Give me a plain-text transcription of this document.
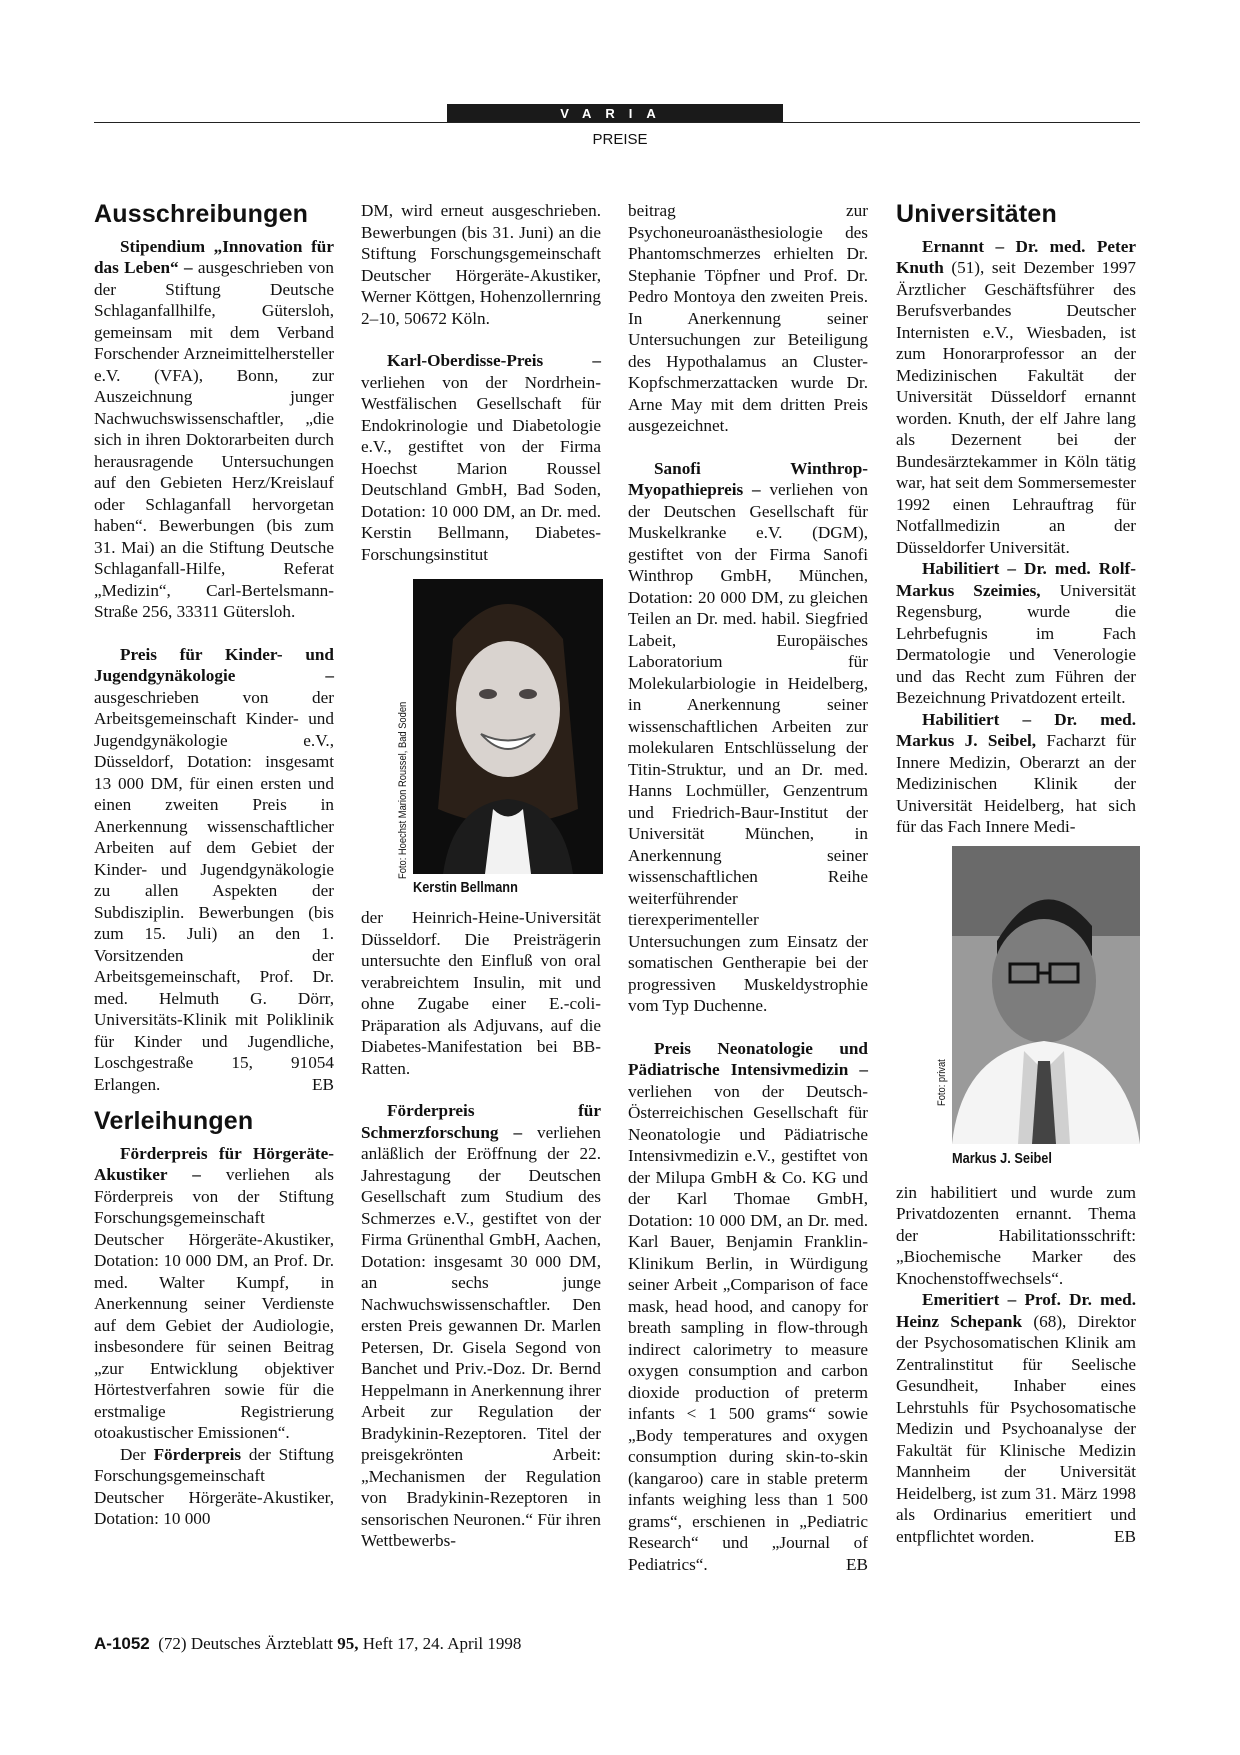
VARIA
PREISE
Ausschreibungen

Stipendium „Innovation für das Leben“ – ausgeschrieben von der Stiftung Deutsche Schlaganfallhilfe, Gütersloh, gemeinsam mit dem Verband Forschender Arzneimittelhersteller e.V. (VFA), Bonn, zur Auszeichnung junger Nachwuchswissenschaftler, „die sich in ihren Doktorarbeiten durch herausragende Untersuchungen auf den Gebieten Herz/Kreislauf oder Schlaganfall hervorgetan haben“. Bewerbungen (bis zum 31. Mai) an die Stiftung Deutsche Schlaganfall-Hilfe, Referat „Medizin“, Carl-Bertelsmann-Straße 256, 33311 Gütersloh.

Preis für Kinder- und Jugendgynäkologie – ausgeschrieben von der Arbeitsgemeinschaft Kinder- und Jugendgynäkologie e.V., Düsseldorf, Dotation: insgesamt 13 000 DM, für einen ersten und einen zweiten Preis in Anerkennung wissenschaftlicher Arbeiten auf dem Gebiet der Kinder- und Jugendgynäkologie zu allen Aspekten der Subdisziplin. Bewerbungen (bis zum 15. Juli) an den 1. Vorsitzenden der Arbeitsgemeinschaft, Prof. Dr. med. Helmuth G. Dörr, Universitäts-Klinik mit Poliklinik für Kinder und Jugendliche, Loschgestraße 15, 91054 Erlangen.	EB

Verleihungen

Förderpreis für Hörgeräte-Akustiker – verliehen als Förderpreis von der Stiftung Forschungsgemeinschaft Deutscher Hörgeräte-Akustiker, Dotation: 10 000 DM, an Prof. Dr. med. Walter Kumpf, in Anerkennung seiner Verdienste auf dem Gebiet der Audiologie, insbesondere für seinen Beitrag „zur Entwicklung objektiver Hörtestverfahren sowie für die erstmalige Registrierung otoakustischer Emissionen“.

Der Förderpreis der Stiftung Forschungsgemeinschaft Deutscher Hörgeräte-Akustiker, Dotation: 10 000

DM, wird erneut ausgeschrieben. Bewerbungen (bis 31. Juni) an die Stiftung Forschungsgemeinschaft Deutscher Hörgeräte-Akustiker, Werner Köttgen, Hohenzollernring 2–10, 50672 Köln.

Karl-Oberdisse-Preis – verliehen von der Nordrhein-Westfälischen Gesellschaft für Endokrinologie und Diabetologie e.V., gestiftet von der Firma Hoechst Marion Roussel Deutschland GmbH, Bad Soden, Dotation: 10 000 DM, an Dr. med. Kerstin Bellmann, Diabetes-Forschungsinstitut

Foto: Hoechst Marion Roussel, Bad Soden
Kerstin Bellmann

der Heinrich-Heine-Universität Düsseldorf. Die Preisträgerin untersuchte den Einfluß von oral verabreichtem Insulin, mit und ohne Zugabe einer E.-coli-Präparation als Adjuvans, auf die Diabetes-Manifestation bei BB-Ratten.

Förderpreis für Schmerzforschung – verliehen anläßlich der Eröffnung der 22. Jahrestagung der Deutschen Gesellschaft zum Studium des Schmerzes e.V., gestiftet von der Firma Grünenthal GmbH, Aachen, Dotation: insgesamt 30 000 DM, an sechs junge Nachwuchswissenschaftler. Den ersten Preis gewannen Dr. Marlen Petersen, Dr. Gisela Segond von Banchet und Priv.-Doz. Dr. Bernd Heppelmann in Anerkennung ihrer Arbeit zur Regulation der Bradykinin-Rezeptoren. Titel der preisgekrönten Arbeit: „Mechanismen der Regulation von Bradykinin-Rezeptoren in sensorischen Neuronen.“ Für ihren Wettbewerbs-

beitrag zur Psychoneuroanästhesiologie des Phantomschmerzes erhielten Dr. Stephanie Töpfner und Prof. Dr. Pedro Montoya den zweiten Preis. In Anerkennung seiner Untersuchungen zur Beteiligung des Hypothalamus an Cluster-Kopfschmerzattacken wurde Dr. Arne May mit dem dritten Preis ausgezeichnet.

Sanofi Winthrop-Myopathiepreis – verliehen von der Deutschen Gesellschaft für Muskelkranke e.V. (DGM), gestiftet von der Firma Sanofi Winthrop GmbH, München, Dotation: 20 000 DM, zu gleichen Teilen an Dr. med. habil. Siegfried Labeit, Europäisches Laboratorium für Molekularbiologie in Heidelberg, in Anerkennung seiner wissenschaftlichen Arbeiten zur molekularen Entschlüsselung der Titin-Struktur, und an Dr. med. Hanns Lochmüller, Genzentrum und Friedrich-Baur-Institut der Universität München, in Anerkennung seiner wissenschaftlichen Reihe weiterführender tierexperimenteller Untersuchungen zum Einsatz der somatischen Gentherapie bei der progressiven Muskeldystrophie vom Typ Duchenne.

Preis Neonatologie und Pädiatrische Intensivmedizin – verliehen von der Deutsch-Österreichischen Gesellschaft für Neonatologie und Pädiatrische Intensivmedizin e.V., gestiftet von der Milupa GmbH & Co. KG und der Karl Thomae GmbH, Dotation: 10 000 DM, an Dr. med. Karl Bauer, Benjamin Franklin-Klinikum Berlin, in Würdigung seiner Arbeit „Comparison of face mask, head hood, and canopy for breath sampling in flow-through indirect calorimetry to measure oxygen consumption and carbon dioxide production of preterm infants < 1 500 grams“ sowie „Body temperatures and oxygen consumption during skin-to-skin (kangaroo) care in stable preterm infants weighing less than 1 500 grams“, erschienen in „Pediatric Research“ und „Journal of Pediatrics“.	EB

Universitäten

Ernannt – Dr. med. Peter Knuth (51), seit Dezember 1997 Ärztlicher Geschäftsführer des Berufsverbandes Deutscher Internisten e.V., Wiesbaden, ist zum Honorarprofessor an der Medizinischen Fakultät der Universität Düsseldorf ernannt worden. Knuth, der elf Jahre lang als Dezernent bei der Bundesärztekammer in Köln tätig war, hat seit dem Sommersemester 1992 einen Lehrauftrag für Notfallmedizin an der Düsseldorfer Universität.

Habilitiert – Dr. med. Rolf-Markus Szeimies, Universität Regensburg, wurde die Lehrbefugnis im Fach Dermatologie und Venerologie und das Recht zum Führen der Bezeichnung Privatdozent erteilt.

Habilitiert – Dr. med. Markus J. Seibel, Facharzt für Innere Medizin, Oberarzt an der Medizinischen Klinik der Universität Heidelberg, hat sich für das Fach Innere Medi-

Foto: privat
Markus J. Seibel

zin habilitiert und wurde zum Privatdozenten ernannt. Thema der Habilitationsschrift: „Biochemische Marker des Knochenstoffwechsels“.

Emeritiert – Prof. Dr. med. Heinz Schepank (68), Direktor der Psychosomatischen Klinik am Zentralinstitut für Seelische Gesundheit, Inhaber eines Lehrstuhls für Psychosomatische Medizin und Psychoanalyse der Fakultät für Klinische Medizin Mannheim der Universität Heidelberg, ist zum 31. März 1998 als Ordinarius emeritiert und entpflichtet worden.	EB

A-1052 (72) Deutsches Ärzteblatt 95, Heft 17, 24. April 1998
